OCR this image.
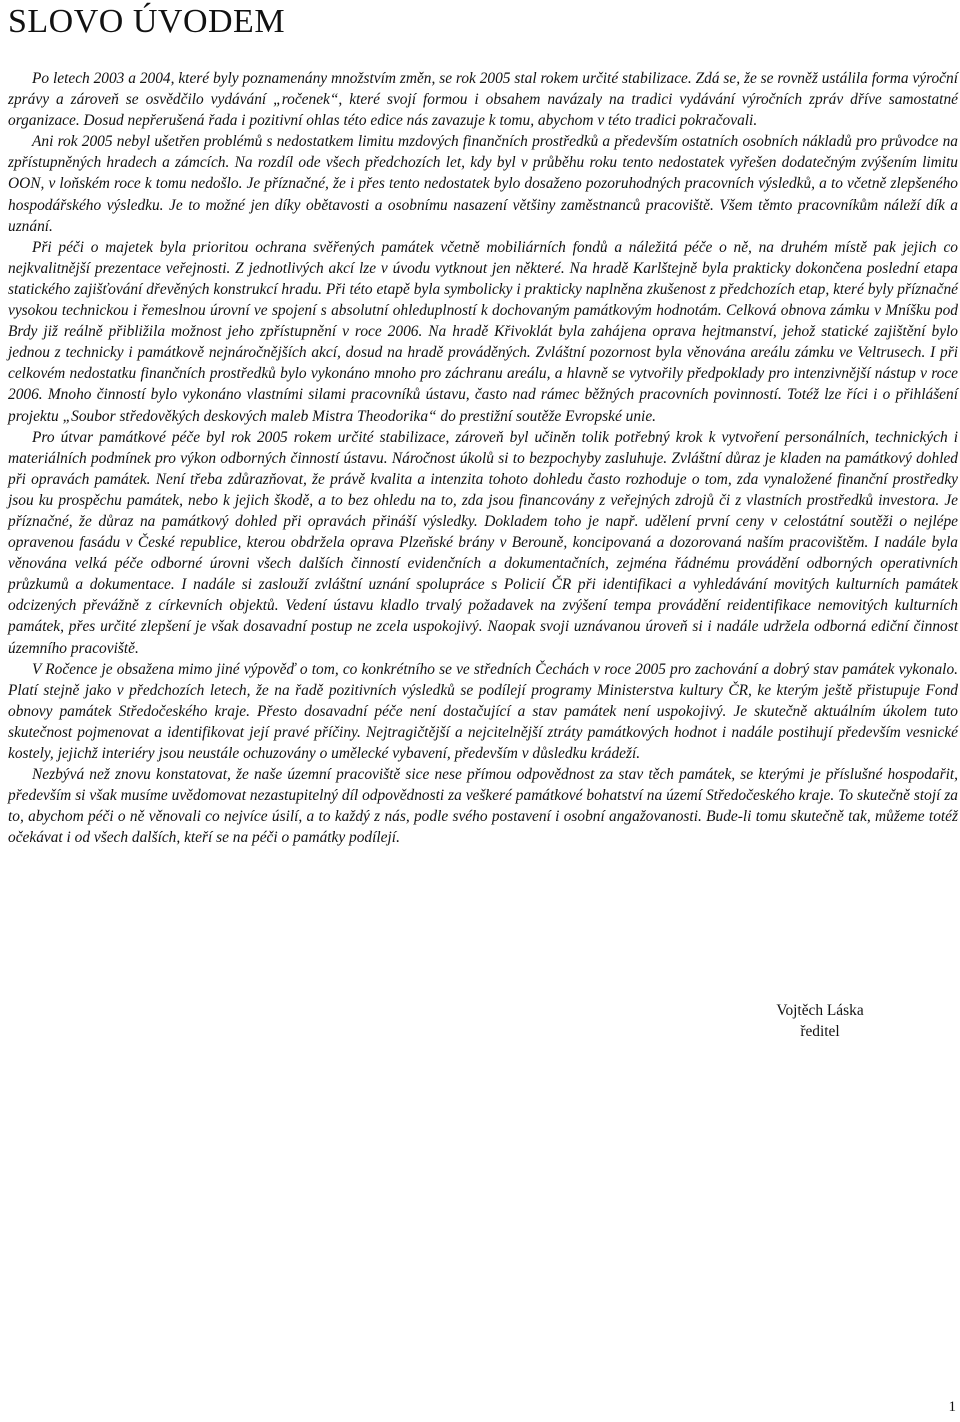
SLOVO ÚVODEM

Po letech 2003 a 2004, které byly poznamenány množstvím změn, se rok 2005 stal rokem určité stabilizace. Zdá se, že se rovněž ustálila forma výroční zprávy a zároveň se osvědčilo vydávání „ročenek“, které svojí formou i obsahem navázaly na tradici vydávání výročních zpráv dříve samostatné organizace. Dosud nepřerušená řada i pozitivní ohlas této edice nás zavazuje k tomu, abychom v této tradici pokračovali.

Ani rok 2005 nebyl ušetřen problémů s nedostatkem limitu mzdových finančních prostředků a především ostatních osobních nákladů pro průvodce na zpřístupněných hradech a zámcích. Na rozdíl ode všech předchozích let, kdy byl v průběhu roku tento nedostatek vyřešen dodatečným zvýšením limitu OON, v loňském roce k tomu nedošlo. Je příznačné, že i přes tento nedostatek bylo dosaženo pozoruhodných pracovních výsledků, a to včetně zlepšeného hospodářského výsledku. Je to možné jen díky obětavosti a osobnímu nasazení většiny zaměstnanců pracoviště. Všem těmto pracovníkům náleží dík a uznání.

Při péči o majetek byla prioritou ochrana svěřených památek včetně mobiliárních fondů a náležitá péče o ně, na druhém místě pak jejich co nejkvalitnější prezentace veřejnosti. Z jednotlivých akcí lze v úvodu vytknout jen některé. Na hradě Karlštejně byla prakticky dokončena poslední etapa statického zajišťování dřevěných konstrukcí hradu. Při této etapě byla symbolicky i prakticky naplněna zkušenost z předchozích etap, které byly příznačné vysokou technickou i řemeslnou úrovní ve spojení s absolutní ohleduplností k dochovaným památkovým hodnotám. Celková obnova zámku v Mníšku pod Brdy již reálně přibližila možnost jeho zpřístupnění v roce 2006. Na hradě Křivoklát byla zahájena oprava hejtmanství, jehož statické zajištění bylo jednou z technicky i památkově nejnáročnějších akcí, dosud na hradě prováděných. Zvláštní pozornost byla věnována areálu zámku ve Veltrusech. I při celkovém nedostatku finančních prostředků bylo vykonáno mnoho pro záchranu areálu, a hlavně se vytvořily předpoklady pro intenzivnější nástup v roce 2006. Mnoho činností bylo vykonáno vlastními silami pracovníků ústavu, často nad rámec běžných pracovních povinností. Totéž lze říci i o přihlášení projektu „Soubor středověkých deskových maleb Mistra Theodorika“ do prestižní soutěže Evropské unie.

Pro útvar památkové péče byl rok 2005 rokem určité stabilizace, zároveň byl učiněn tolik potřebný krok k vytvoření personálních, technických i materiálních podmínek pro výkon odborných činností ústavu. Náročnost úkolů si to bezpochyby zasluhuje. Zvláštní důraz je kladen na památkový dohled při opravách památek. Není třeba zdůrazňovat, že právě kvalita a intenzita tohoto dohledu často rozhoduje o tom, zda vynaložené finanční prostředky jsou ku prospěchu památek, nebo k jejich škodě, a to bez ohledu na to, zda jsou financovány z veřejných zdrojů či z vlastních prostředků investora. Je příznačné, že důraz na památkový dohled při opravách přináší výsledky. Dokladem toho je např. udělení první ceny v celostátní soutěži o nejlépe opravenou fasádu v České republice, kterou obdržela oprava Plzeňské brány v Berouně, koncipovaná a dozorovaná naším pracovištěm. I nadále byla věnována velká péče odborné úrovni všech dalších činností evidenčních a dokumentačních, zejména řádnému provádění odborných operativních průzkumů a dokumentace. I nadále si zaslouží zvláštní uznání spolupráce s Policií ČR při identifikaci a vyhledávání movitých kulturních památek odcizených převážně z církevních objektů. Vedení ústavu kladlo trvalý požadavek na zvýšení tempa provádění reidentifikace nemovitých kulturních památek, přes určité zlepšení je však dosavadní postup ne zcela uspokojivý. Naopak svoji uznávanou úroveň si i nadále udržela odborná ediční činnost územního pracoviště.

V Ročence je obsažena mimo jiné výpověď o tom, co konkrétního se ve středních Čechách v roce 2005 pro zachování a dobrý stav památek vykonalo. Platí stejně jako v předchozích letech, že na řadě pozitivních výsledků se podílejí programy Ministerstva kultury ČR, ke kterým ještě přistupuje Fond obnovy památek Středočeského kraje. Přesto dosavadní péče není dostačující a stav památek není uspokojivý. Je skutečně aktuálním úkolem tuto skutečnost pojmenovat a identifikovat její pravé příčiny. Nejtragičtější a nejcitelnější ztráty památkových hodnot i nadále postihují především vesnické kostely, jejichž interiéry jsou neustále ochuzovány o umělecké vybavení, především v důsledku krádeží.

Nezbývá než znovu konstatovat, že naše územní pracoviště sice nese přímou odpovědnost za stav těch památek, se kterými je příslušné hospodařit, především si však musíme uvědomovat nezastupitelný díl odpovědnosti za veškeré památkové bohatství na území Středočeského kraje. To skutečně stojí za to, abychom péči o ně věnovali co nejvíce úsilí, a to každý z nás, podle svého postavení i osobní angažovanosti. Bude-li tomu skutečně tak, můžeme totéž očekávat i od všech dalších, kteří se na péči o památky podílejí.

Vojtěch Láska
ředitel
1
